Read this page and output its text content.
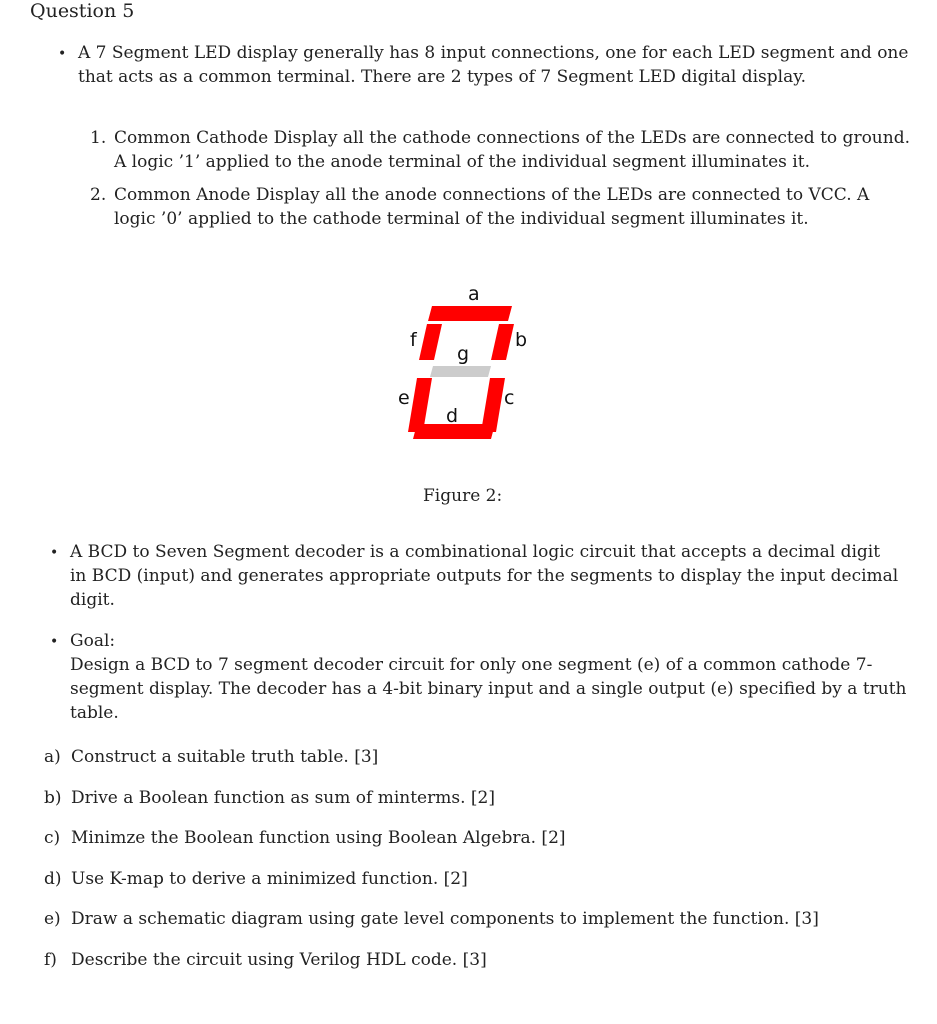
Question 5
• A 7 Segment LED display generally has 8 input connections, one for each LED segment and one
that acts as a common terminal. There are 2 types of 7 Segment LED digital display.
1. Common Cathode Display all the cathode connections of the LEDs are connected to ground.
A logic ’1’ applied to the anode terminal of the individual segment illuminates it.
2. Common Anode Display all the anode connections of the LEDs are connected to VCC. A
logic ’0’ applied to the cathode terminal of the individual segment illuminates it.
a
b
c
d
e
f
g
Figure 2:
• A BCD to Seven Segment decoder is a combinational logic circuit that accepts a decimal digit
in BCD (input) and generates appropriate outputs for the segments to display the input decimal
digit.
• Goal:
Design a BCD to 7 segment decoder circuit for only one segment (e) of a common cathode 7-
segment display. The decoder has a 4-bit binary input and a single output (e) specified by a truth
table.
a) Construct a suitable truth table. [3]
b) Drive a Boolean function as sum of minterms. [2]
c) Minimze the Boolean function using Boolean Algebra. [2]
d) Use K-map to derive a minimized function. [2]
e) Draw a schematic diagram using gate level components to implement the function. [3]
f) Describe the circuit using Verilog HDL code. [3]
